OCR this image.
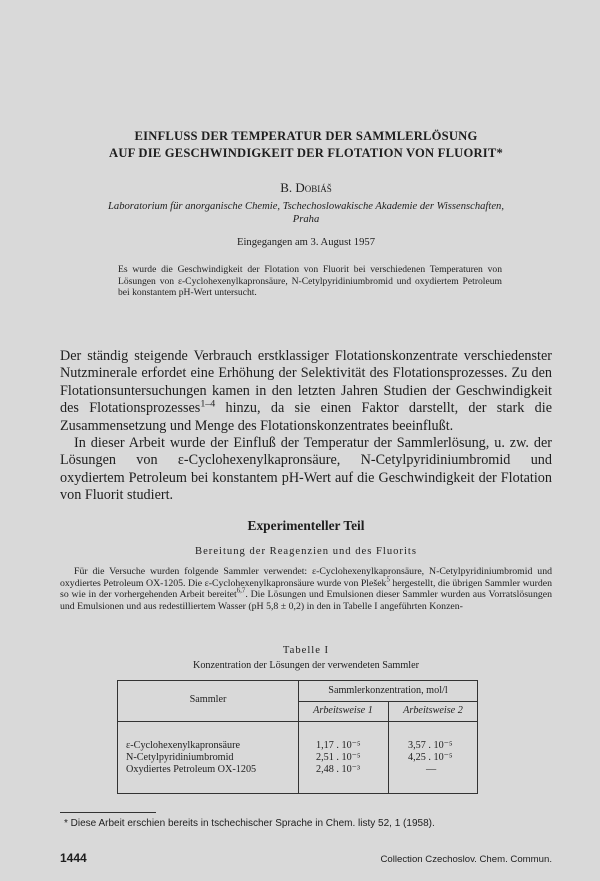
EINFLUSS DER TEMPERATUR DER SAMMLERLÖSUNG
AUF DIE GESCHWINDIGKEIT DER FLOTATION VON FLUORIT*
B. Dobiáš
Laboratorium für anorganische Chemie, Tschechoslowakische Akademie der Wissenschaften,
Praha
Eingegangen am 3. August 1957
Es wurde die Geschwindigkeit der Flotation von Fluorit bei verschiedenen Temperaturen von Lösungen von ε-Cyclohexenylkapronsäure, N-Cetylpyridiniumbromid und oxydiertem Petroleum bei konstantem pH-Wert untersucht.

Der ständig steigende Verbrauch erstklassiger Flotationskonzentrate verschiedenster Nutzminerale erfordet eine Erhöhung der Selektivität des Flotationsprozesses. Zu den Flotationsuntersuchungen kamen in den letzten Jahren Studien der Geschwindigkeit des Flotationsprozesses$^{1-4}$ hinzu, da sie einen Faktor darstellt, der stark die Zusammensetzung und Menge des Flotationskonzentrates beeinflußt.

In dieser Arbeit wurde der Einfluß der Temperatur der Sammlerlösung, u. zw. der Lösungen von ε-Cyclohexenylkapronsäure, N-Cetylpyridiniumbromid und oxydiertem Petroleum bei konstantem pH-Wert auf die Geschwindigkeit der Flotation von Fluorit studiert.

Experimenteller Teil
Bereitung der Reagenzien und des Fluorits

Für die Versuche wurden folgende Sammler verwendet: ε-Cyclohexenylkapronsäure, N-Cetylpyridiniumbromid und oxydiertes Petroleum OX-1205. Die ε-Cyclohexenylkapronsäure wurde von Plešek$^5$ hergestellt, die übrigen Sammler wurden so wie in der vorhergehenden Arbeit bereitet$^{6,7}$. Die Lösungen und Emulsionen dieser Sammler wurden aus Vorratslösungen und Emulsionen und aus redestilliertem Wasser (pH 5,8 ± 0,2) in den in Tabelle I angeführten Konzen-

Tabelle I
Konzentration der Lösungen der verwendeten Sammler
Sammler
Sammlerkonzentration, mol/l
Arbeitsweise 1	Arbeitsweise 2
ε-Cyclohexenylkapronsäure	1,17 . 10⁻⁵	3,57 . 10⁻⁵
N-Cetylpyridiniumbromid	2,51 . 10⁻⁵	4,25 . 10⁻⁵
Oxydiertes Petroleum OX-1205	2,48 . 10⁻³	—
* Diese Arbeit erschien bereits in tschechischer Sprache in Chem. listy 52, 1 (1958).
1444	Collection Czechoslov. Chem. Commun.
